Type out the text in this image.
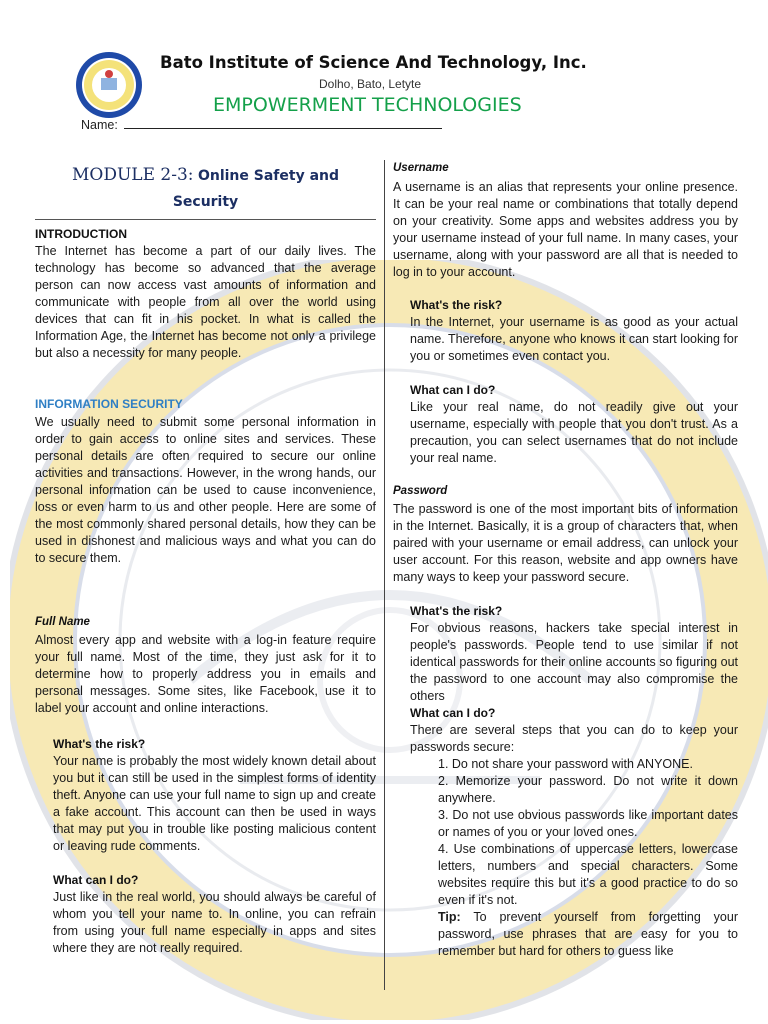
Bato Institute of Science And Technology, Inc.
Dolho, Bato, Letyte
EMPOWERMENT TECHNOLOGIES
Name:
MODULE 2-3: Online Safety and
Security
INTRODUCTION

The Internet has become a part of our daily lives. The technology has become so advanced that the average person can now access vast amounts of information and communicate with people from all over the world using devices that can fit in his pocket. In what is called the Information Age, the Internet has become not only a privilege but also a necessity for many people.

INFORMATION SECURITY

We usually need to submit some personal information in order to gain access to online sites and services. These personal details are often required to secure our online activities and transactions. However, in the wrong hands, our personal information can be used to cause inconvenience, loss or even harm to us and other people. Here are some of the most commonly shared personal details, how they can be used in dishonest and malicious ways and what you can do to secure them.

Full Name

Almost every app and website with a log-in feature require your full name. Most of the time, they just ask for it to determine how to properly address you in emails and personal messages. Some sites, like Facebook, use it to label your account and online interactions.

What's the risk?

Your name is probably the most widely known detail about you but it can still be used in the simplest forms of identity theft. Anyone can use your full name to sign up and create a fake account. This account can then be used in ways that may put you in trouble like posting malicious content or leaving rude comments.

What can I do?

Just like in the real world, you should always be careful of whom you tell your name to. In online, you can refrain from using your full name especially in apps and sites where they are not really required.

Username

A username is an alias that represents your online presence. It can be your real name or combinations that totally depend on your creativity. Some apps and websites address you by your username instead of your full name. In many cases, your username, along with your password are all that is needed to log in to your account.

What's the risk?

In the Internet, your username is as good as your actual name. Therefore, anyone who knows it can start looking for you or sometimes even contact you.

What can I do?

Like your real name, do not readily give out your username, especially with people that you don't trust. As a precaution, you can select usernames that do not include your real name.

Password

The password is one of the most important bits of information in the Internet. Basically, it is a group of characters that, when paired with your username or email address, can unlock your user account. For this reason, website and app owners have many ways to keep your password secure.

What's the risk?

For obvious reasons, hackers take special interest in people's passwords. People tend to use similar if not identical passwords for their online accounts so figuring out the password to one account may also compromise the others

What can I do?

There are several steps that you can do to keep your passwords secure:

1. Do not share your password with ANYONE.

2. Memorize your password. Do not write it down anywhere.

3. Do not use obvious passwords like important dates or names of you or your loved ones.

4. Use combinations of uppercase letters, lowercase letters, numbers and special characters. Some websites require this but it's a good practice to do so even if it's not.

Tip: To prevent yourself from forgetting your password, use phrases that are easy for you to remember but hard for others to guess like
